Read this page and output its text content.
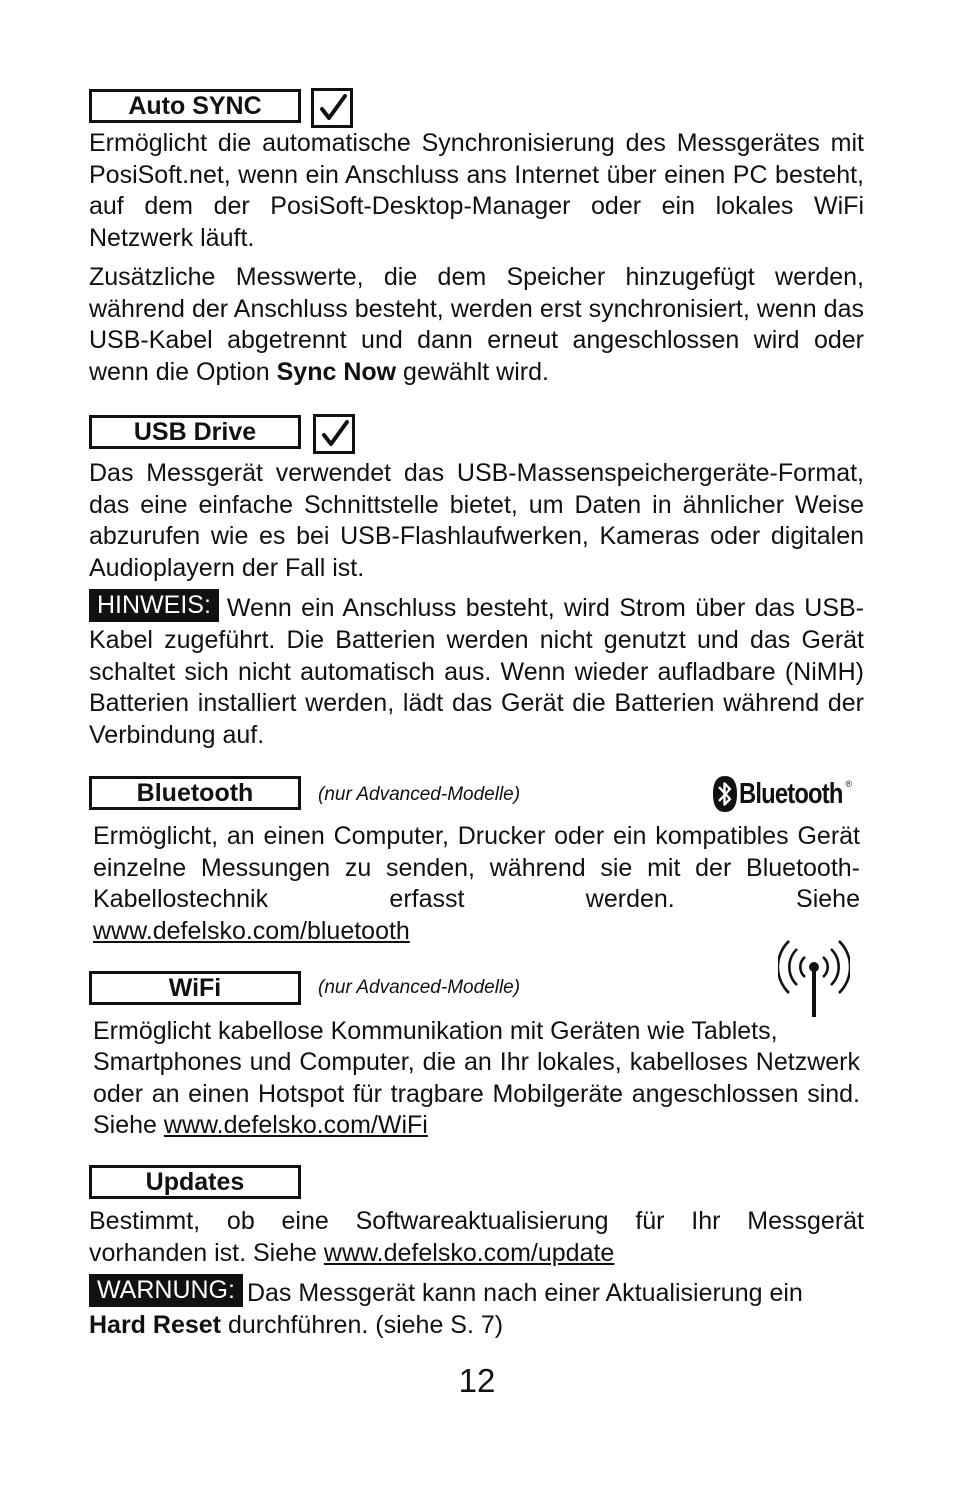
Auto SYNC

Ermöglicht die automatische Synchronisierung des Messgerätes mit PosiSoft.net, wenn ein Anschluss ans Internet über einen PC besteht, auf dem der PosiSoft-Desktop-Manager oder ein lokales WiFi Netzwerk läuft.

Zusätzliche Messwerte, die dem Speicher hinzugefügt werden, während der Anschluss besteht, werden erst synchronisiert, wenn das USB-Kabel abgetrennt und dann erneut angeschlossen wird oder wenn die Option Sync Now gewählt wird.

USB Drive

Das Messgerät verwendet das USB-Massenspeichergeräte-Format, das eine einfache Schnittstelle bietet, um Daten in ähnlicher Weise abzurufen wie es bei USB-Flashlaufwerken, Kameras oder digitalen Audioplayern der Fall ist.

HINWEIS: Wenn ein Anschluss besteht, wird Strom über das USB-Kabel zugeführt. Die Batterien werden nicht genutzt und das Gerät schaltet sich nicht automatisch aus. Wenn wieder aufladbare (NiMH) Batterien installiert werden, lädt das Gerät die Batterien während der Verbindung auf.

Bluetooth	(nur Advanced-Modelle)	Bluetooth ®

Ermöglicht, an einen Computer, Drucker oder ein kompatibles Gerät einzelne Messungen zu senden, während sie mit der Bluetooth-Kabellostechnik erfasst werden. Siehe

www.defelsko.com/bluetooth
WiFi	(nur Advanced-Modelle)
Ermöglicht kabellose Kommunikation mit Geräten wie Tablets,

Smartphones und Computer, die an Ihr lokales, kabelloses Netzwerk oder an einen Hotspot für tragbare Mobilgeräte angeschlossen sind. Siehe www.defelsko.com/WiFi

Updates

Bestimmt, ob eine Softwareaktualisierung für Ihr Messgerät vorhanden ist. Siehe www.defelsko.com/update

WARNUNG: Das Messgerät kann nach einer Aktualisierung ein
Hard Reset durchführen. (siehe S. 7)

12
